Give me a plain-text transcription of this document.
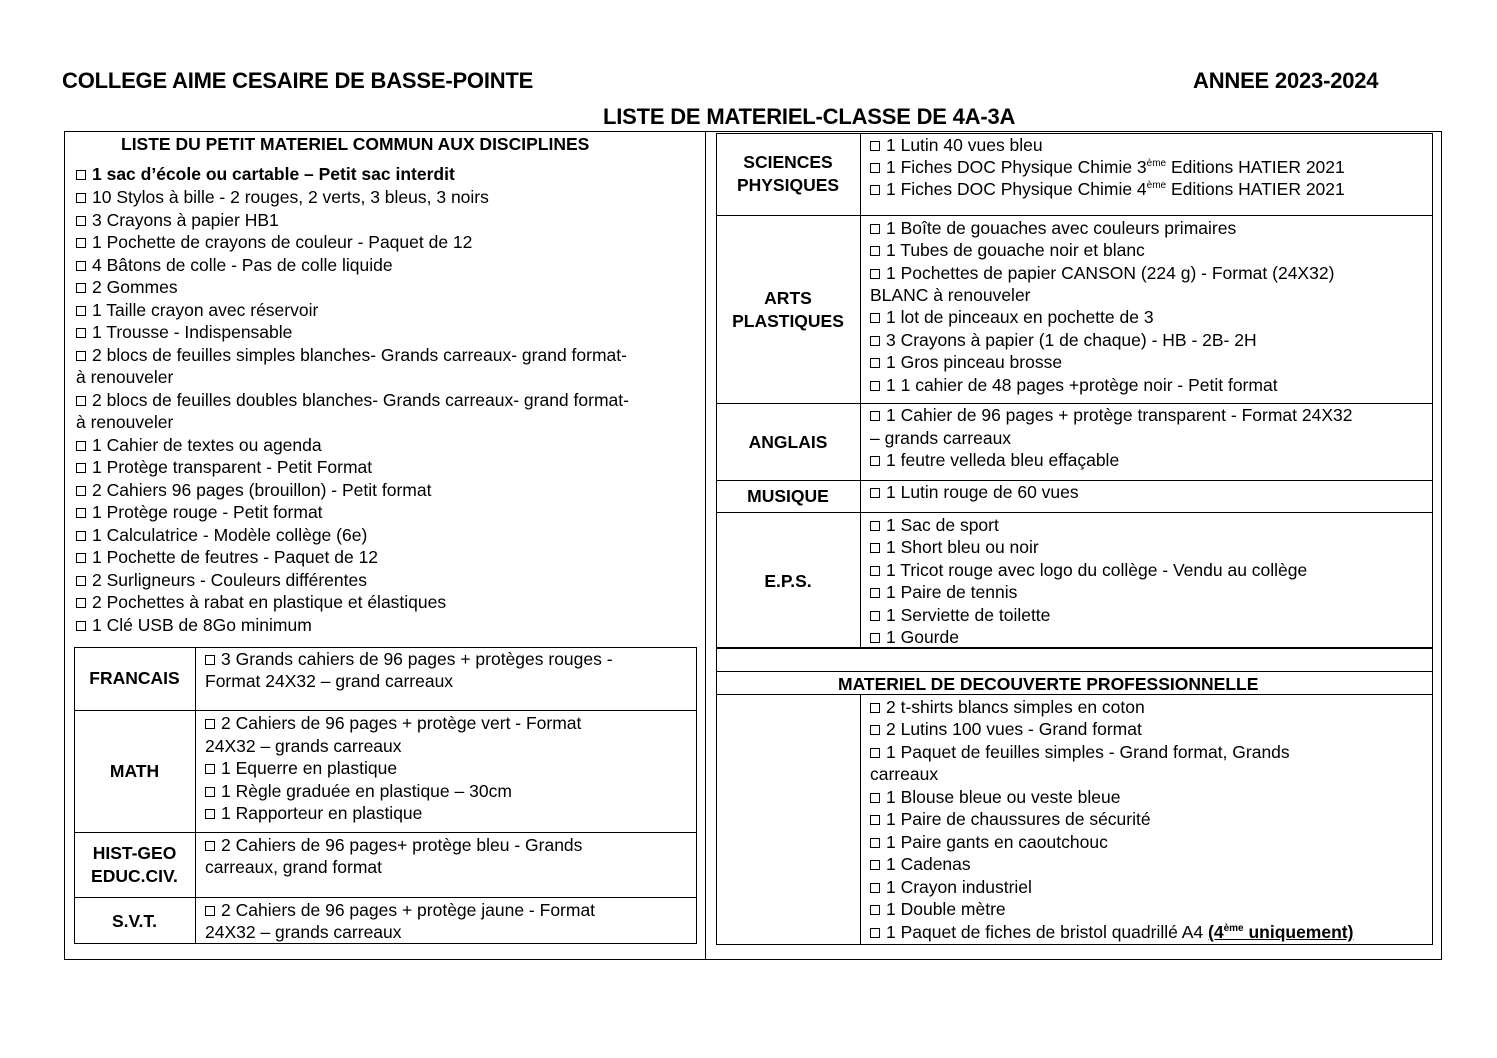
COLLEGE AIME CESAIRE DE BASSE-POINTE	ANNEE 2023-2024
LISTE DE MATERIEL-CLASSE DE 4A-3A
LISTE DU PETIT MATERIEL COMMUN AUX DISCIPLINES
1 sac d’école ou cartable – Petit sac interdit
10 Stylos à bille - 2 rouges, 2 verts, 3 bleus, 3 noirs
3 Crayons à papier HB1
1 Pochette de crayons de couleur - Paquet de 12
4 Bâtons de colle - Pas de colle liquide
2 Gommes
1 Taille crayon avec réservoir
1 Trousse - Indispensable
2 blocs de feuilles simples blanches- Grands carreaux- grand format-
à renouveler
2 blocs de feuilles doubles blanches- Grands carreaux- grand format-
à renouveler
1 Cahier de textes ou agenda
1 Protège transparent - Petit Format
2 Cahiers 96 pages (brouillon) - Petit format
1 Protège rouge - Petit format
1 Calculatrice - Modèle collège (6e)
1 Pochette de feutres - Paquet de 12
2 Surligneurs - Couleurs différentes
2 Pochettes à rabat en plastique et élastiques
1 Clé USB de 8Go minimum
FRANCAIS
3 Grands cahiers de 96 pages + protèges rouges -
Format 24X32 – grand carreaux
MATH
2 Cahiers de 96 pages + protège vert - Format
24X32 – grands carreaux
1 Equerre en plastique
1 Règle graduée en plastique – 30cm
1 Rapporteur en plastique
HIST-GEO
EDUC.CIV.
2 Cahiers de 96 pages+ protège bleu - Grands
carreaux, grand format
S.V.T.
2 Cahiers de 96 pages + protège jaune - Format
24X32 – grands carreaux
SCIENCES
PHYSIQUES
1 Lutin 40 vues bleu
1 Fiches DOC Physique Chimie 3ème Editions HATIER 2021
1 Fiches DOC Physique Chimie 4ème Editions HATIER 2021
ARTS
PLASTIQUES
1 Boîte de gouaches avec couleurs primaires
1 Tubes de gouache noir et blanc
1 Pochettes de papier CANSON (224 g) - Format (24X32)
BLANC à renouveler
1 lot de pinceaux en pochette de 3
3 Crayons à papier (1 de chaque) - HB - 2B- 2H
1 Gros pinceau brosse
1 1 cahier de 48 pages +protège noir - Petit format
ANGLAIS
1 Cahier de 96 pages + protège transparent - Format 24X32
– grands carreaux
1 feutre velleda bleu effaçable
MUSIQUE	1 Lutin rouge de 60 vues
E.P.S.
1 Sac de sport
1 Short bleu ou noir
1 Tricot rouge avec logo du collège - Vendu au collège
1 Paire de tennis
1 Serviette de toilette
1 Gourde
MATERIEL DE DECOUVERTE PROFESSIONNELLE
2 t-shirts blancs simples en coton
2 Lutins 100 vues - Grand format
1 Paquet de feuilles simples - Grand format, Grands
carreaux
1 Blouse bleue ou veste bleue
1 Paire de chaussures de sécurité
1 Paire gants en caoutchouc
1 Cadenas
1 Crayon industriel
1 Double mètre
1 Paquet de fiches de bristol quadrillé A4 (4ème uniquement)
